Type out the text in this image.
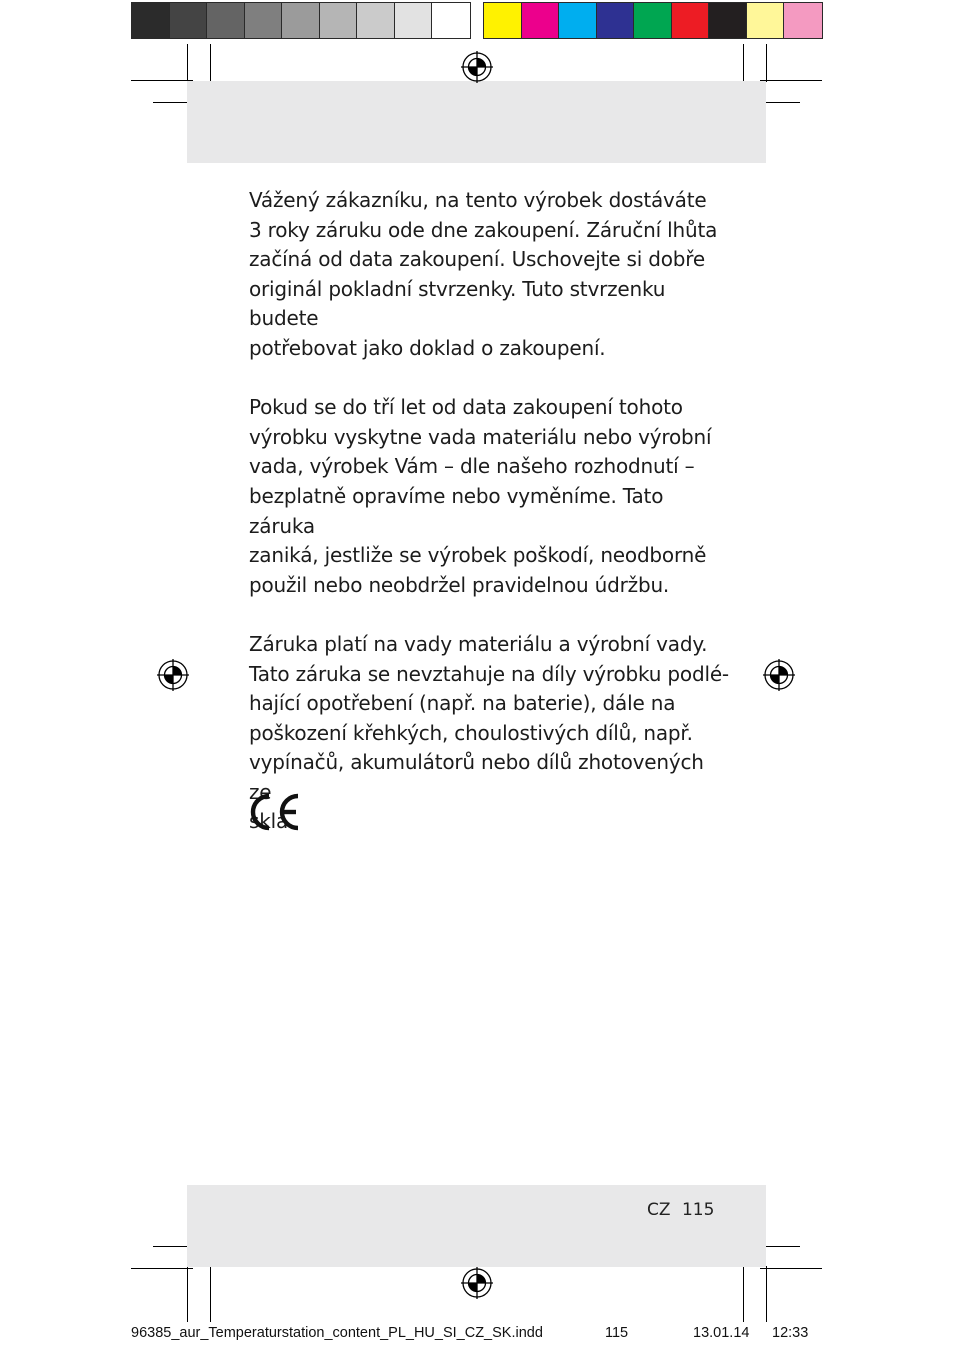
Vážený zákazníku, na tento výrobek dostáváte
3 roky záruku ode dne zakoupení. Záruční lhůta
začíná od data zakoupení. Uschovejte si dobře
originál pokladní stvrzenky. Tuto stvrzenku budete
potřebovat jako doklad o zakoupení.

Pokud se do tří let od data zakoupení tohoto
výrobku vyskytne vada materiálu nebo výrobní
vada, výrobek Vám – dle našeho rozhodnutí –
bezplatně opravíme nebo vyměníme. Tato záruka
zaniká, jestliže se výrobek poškodí, neodborně
použil nebo neobdržel pravidelnou údržbu.

Záruka platí na vady materiálu a výrobní vady.
Tato záruka se nevztahuje na díly výrobku podlé-
hající opotřebení (např. na baterie), dále na
poškození křehkých, choulostivých dílů, např.
vypínačů, akumulátorů nebo dílů zhotovených ze
skla.

CZ 115
96385_aur_Temperaturstation_content_PL_HU_SI_CZ_SK.indd	115	13.01.14 12:33
